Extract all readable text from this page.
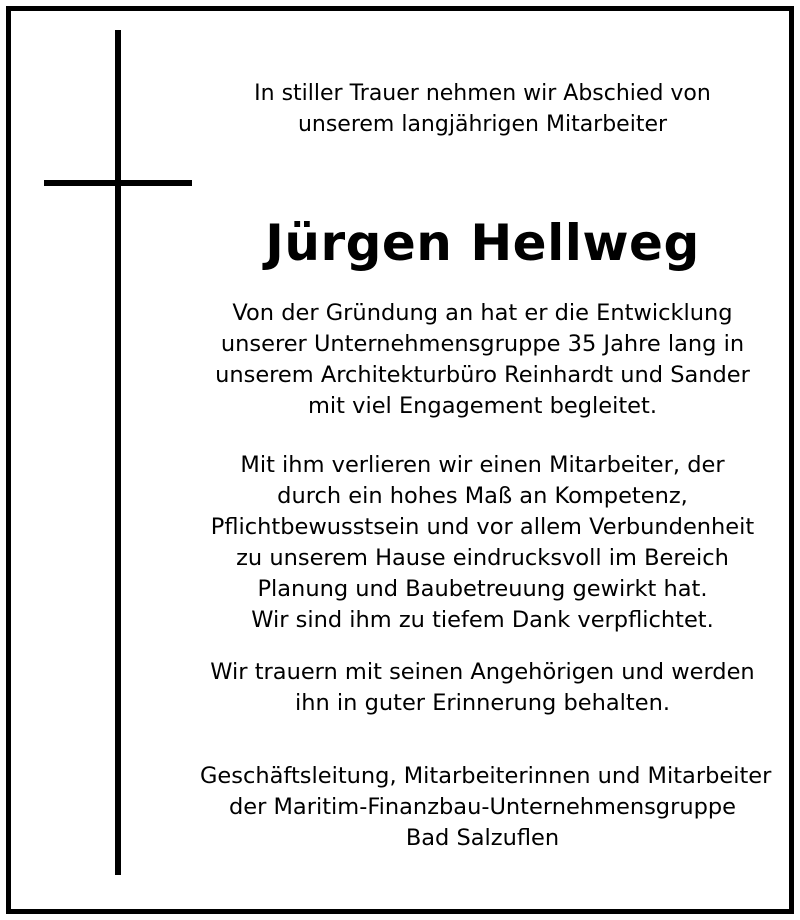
In stiller Trauer nehmen wir Abschied von
unserem langjährigen Mitarbeiter
Jürgen Hellweg
Von der Gründung an hat er die Entwicklung
unserer Unternehmensgruppe 35 Jahre lang in
unserem Architekturbüro Reinhardt und Sander
mit viel Engagement begleitet.
Mit ihm verlieren wir einen Mitarbeiter, der
durch ein hohes Maß an Kompetenz,
Pflichtbewusstsein und vor allem Verbundenheit
zu unserem Hause eindrucksvoll im Bereich
Planung und Baubetreuung gewirkt hat.
Wir sind ihm zu tiefem Dank verpflichtet.
Wir trauern mit seinen Angehörigen und werden
ihn in guter Erinnerung behalten.
Geschäftsleitung, Mitarbeiterinnen und Mitarbeiter
der Maritim-Finanzbau-Unternehmensgruppe
Bad Salzuflen
